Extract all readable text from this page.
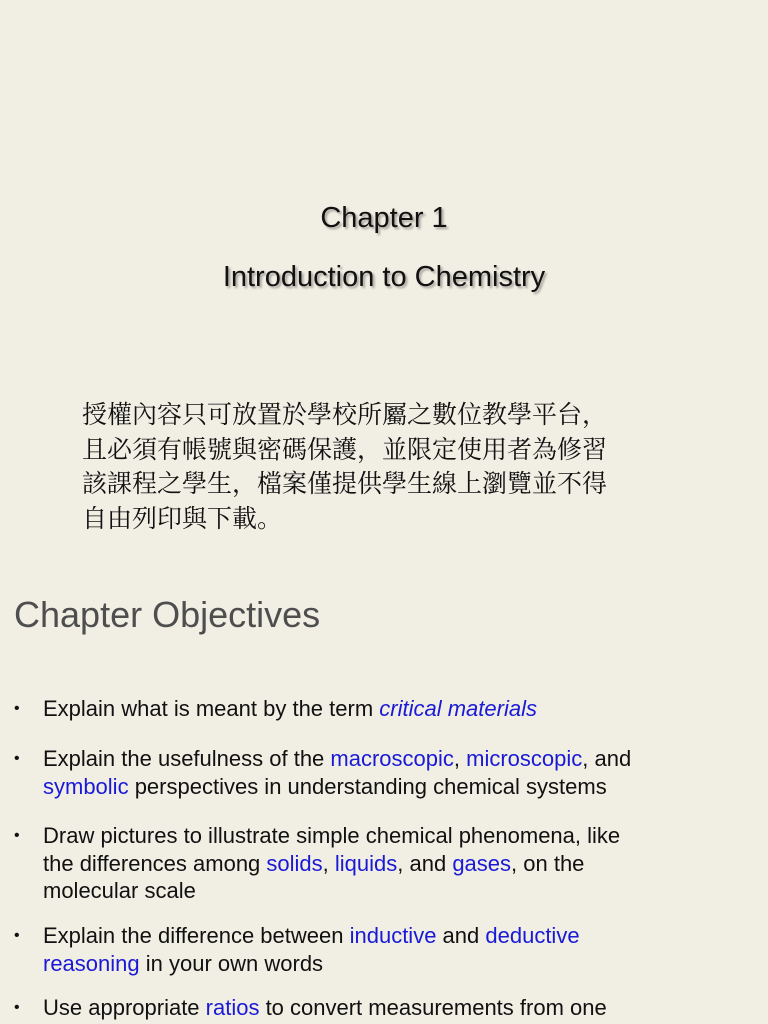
Chapter 1
Introduction to Chemistry

授權內容只可放置於學校所屬之數位教學平台，
且必須有帳號與密碼保護，並限定使用者為修習
該課程之學生，檔案僅提供學生線上瀏覽並不得
自由列印與下載。

Chapter Objectives
• Explain what is meant by the term critical materials
• Explain the usefulness of the macroscopic, microscopic, and
symbolic perspectives in understanding chemical systems
• Draw pictures to illustrate simple chemical phenomena, like
the differences among solids, liquids, and gases, on the
molecular scale
• Explain the difference between inductive and deductive
reasoning in your own words
• Use appropriate ratios to convert measurements from one
